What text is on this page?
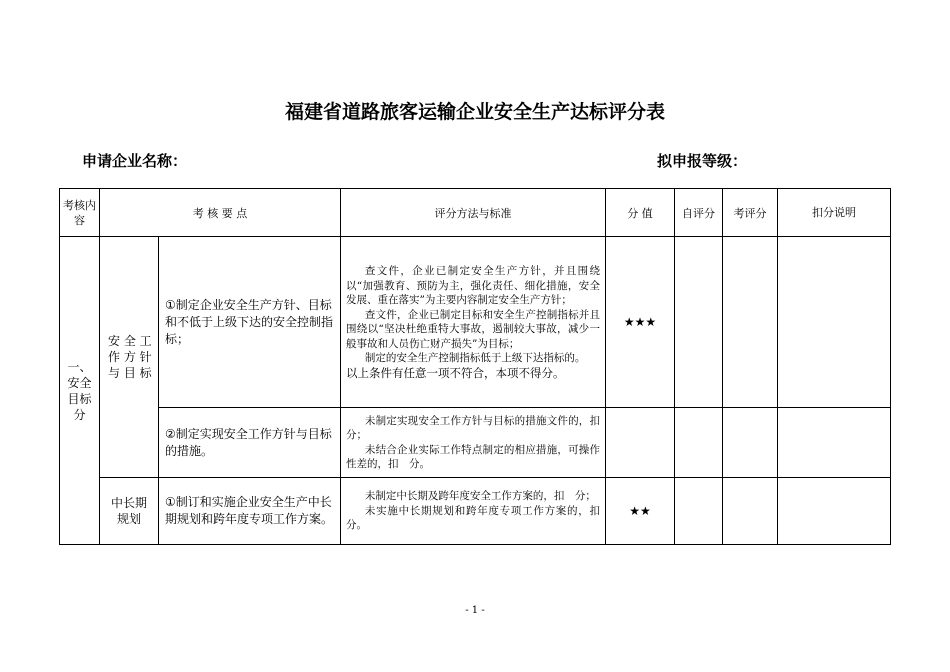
福建省道路旅客运输企业安全生产达标评分表
申请企业名称：	拟申报等级：
考核内容	考 核 要 点		评分方法与标准	分 值	自评分	考评分	扣分说明
一、安全目标分	安 全 工 作 方 针 与 目 标	①制定企业安全生产方针、目标和不低于上级下达的安全控制指标；	查文件，企业已制定安全生产方针，并且围绕以“加强教育、预防为主，强化责任、细化措施，安全发展、重在落实”为主要内容制定安全生产方针；

查文件，企业已制定目标和安全生产控制指标并且围绕以“坚决杜绝重特大事故，遏制较大事故，减少一般事故和人员伤亡财产损失”为目标；

制定的安全生产控制指标低于上级下达指标的。

以上条件有任意一项不符合，本项不得分。	★★★			
		②制定实现安全工作方针与目标的措施。	未制定实现安全工作方针与目标的措施文件的，扣　分；

未结合企业实际工作特点制定的相应措施，可操作性差的，扣　分。				

	中长期规划	①制订和实施企业安全生产中长期规划和跨年度专项工作方案。	未制定中长期及跨年度安全工作方案的，扣　分；

未实施中长期规划和跨年度专项工作方案的，扣　分。	★★			
- 1 -
